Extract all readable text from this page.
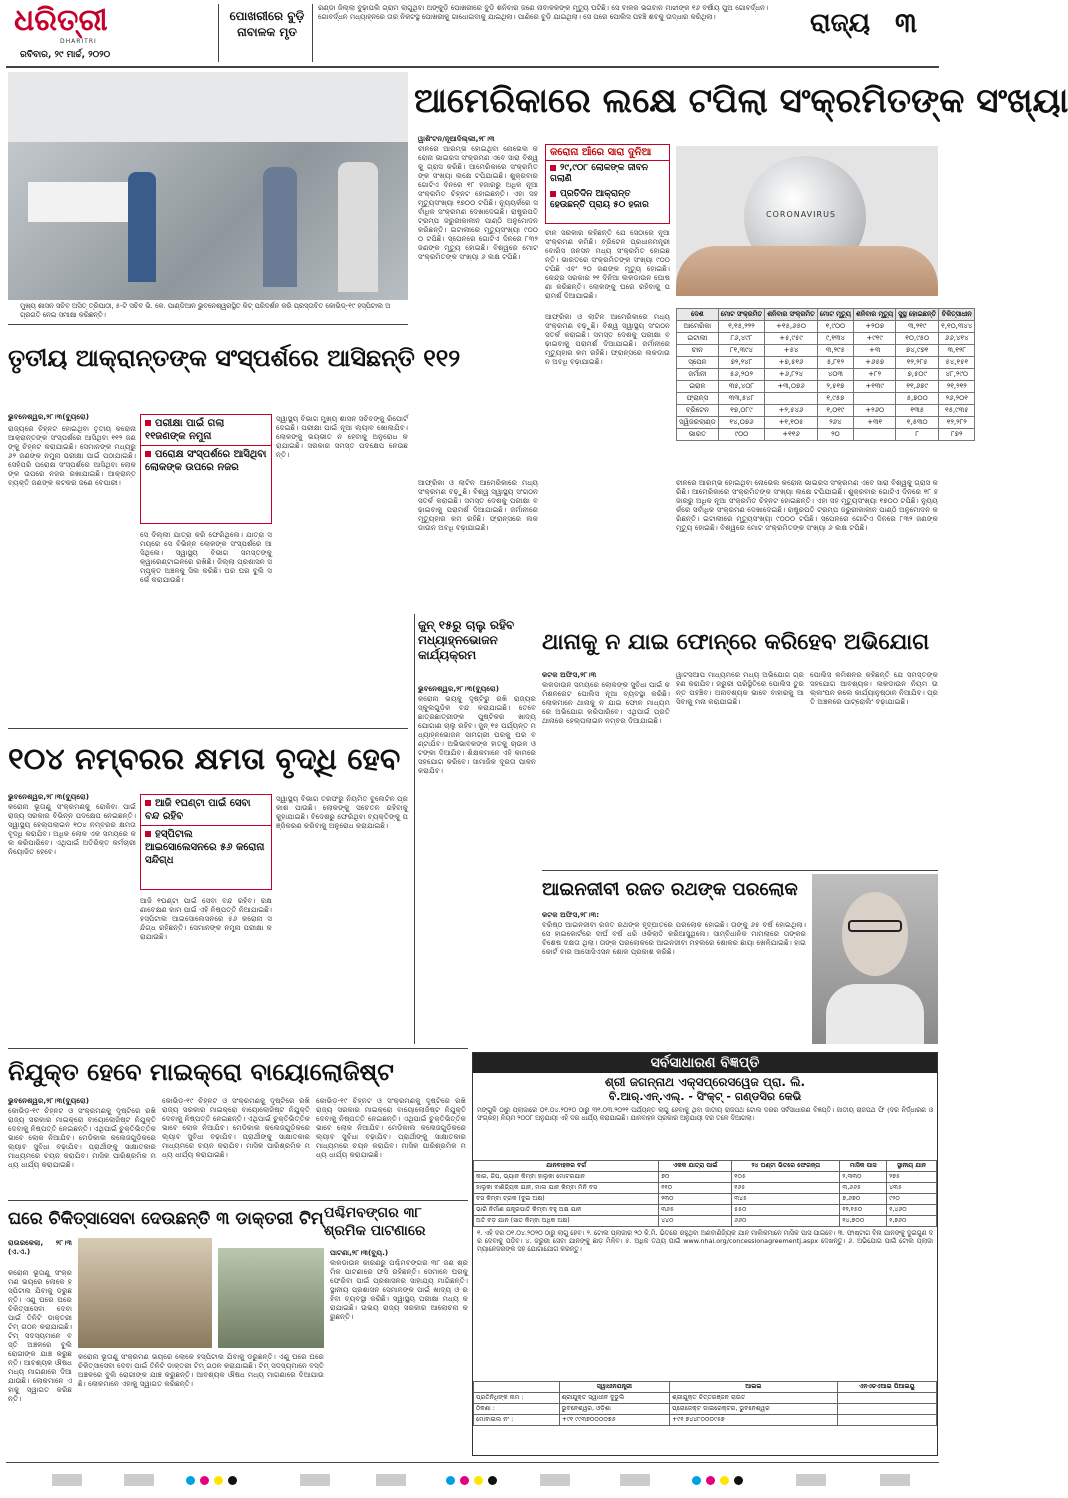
ଧରିତ୍ରୀ
DHARITRI
ରବିବାର, ୨୯ ମାର୍ଚ୍ଚ, ୨୦୨୦
ପୋଖରୀରେ ବୁଡ଼ି ନାବାଳକ ମୃତ
ରଣ୍ଡା ଜିଲ୍ଲା ବୁଢ଼ାପଲି ଗ୍ରାମ ଲାଗୁଥିବା ଅଙ୍କୁଡ଼ି ପୋଖରୀରେ ବୁଡ଼ି ଶନିବାର ଜଣେ ନାବାଳକଙ୍କ ମୃତ୍ୟୁ ଘଟିଛି। ସେ ବାଳକ ଭଗବାନ ମାଝୀଙ୍କ ୧୬ ବର୍ଷୀୟ ପୁଅ ଗୋବର୍ଦ୍ଧନ। ଗୋବର୍ଦ୍ଧନ ମଧ୍ୟାହ୍ନରେ ତାର ନିକଟସ୍ଥ ପୋଖରୀକୁ ଗାଧୋଇବାକୁ ଯାଇଥିଲା। ପାଣିରେ ବୁଡ଼ି ଯାଇଥିଲା। ସେ ପରେ ପୋଲିସ ପହଞ୍ଚି ଶବକୁ ଉଦ୍ଧାର କରିଥିଲା।	ରାଜ୍ୟ ୩
ମୁଖ୍ୟ ଶାସନ ସଚିବ ଅସିତ୍ ତ୍ରିପାଠୀ, ୫-ଟି ସଚିବ ଭି. କେ. ପାଣ୍ଡିଆନ ଭୁବନେଶ୍ୱରସ୍ଥିତ କିଟ୍ ପରିଦର୍ଶନ କରି ପ୍ରସ୍ତାବିତ କୋଭିଡ୍-୧୯ ହସ୍ପିଟାଲ ଅଗ୍ରଗତି ନେଇ ସମୀକ୍ଷା କରିଛନ୍ତି।
ଆମେରିକାରେ ଲକ୍ଷେ ଟପିଲା ସଂକ୍ରମିତଙ୍କ ସଂଖ୍ୟା
ୱାଶିଂଟନ/ନୂଆଦିଲ୍ଲୀ,୨୮।୩
ଚୀନରେ ଆରମ୍ଭ ହୋଇଥିବା ନୋଭେଲ କରୋନା ଭାଇରସ ସଂକ୍ରମଣ ଏବେ ସାରା ବିଶ୍ୱକୁ ଗ୍ରାସ କରିଛି। ଆମେରିକାରେ ସଂକ୍ରମିତଙ୍କ ସଂଖ୍ୟା ଲକ୍ଷେ ଟପିଯାଇଛି। ଶୁକ୍ରବାର ଗୋଟିଏ ଦିନରେ ୧୮ ହଜାରରୁ ଅଧିକ ନୂଆ ସଂକ୍ରମିତ ଚିହ୍ନଟ ହୋଇଛନ୍ତି। ଏହା ସହ ମୃତ୍ୟୁସଂଖ୍ୟା ୧୭୦୦ ଟପିଛି। ନ୍ୟୁୟର୍କରେ ସର୍ବାଧିକ ସଂକ୍ରମଣ ଦେଖାଦେଇଛି। ରାଷ୍ଟ୍ରପତି ଟ୍ରମ୍ପ ଜରୁରୀକାଳୀନ ପାଣ୍ଠି ଅନୁମୋଦନ କରିଛନ୍ତି। ଇଟାଲୀରେ ମୃତ୍ୟୁସଂଖ୍ୟା ୯୦୦୦ ଟପିଛି। ସ୍ପେନରେ ଗୋଟିଏ ଦିନରେ ୮୩୨ ଜଣଙ୍କ ମୃତ୍ୟୁ ହୋଇଛି। ବିଶ୍ୱରେ ମୋଟ ସଂକ୍ରମିତଙ୍କ ସଂଖ୍ୟା ୬ ଲକ୍ଷ ଟପିଛି।
କରୋନା ଆଁରେ ସାରା ଦୁନିଆ
୨୯,୯୦୮ ଲୋକଙ୍କ ଜୀବନ ଗଲାଣି
ପ୍ରତିଦିନ ଆକ୍ରାନ୍ତ ହେଉଛନ୍ତି ପ୍ରାୟ ୫୦ ହଜାର
ଚୀନ ସରକାର କହିଛନ୍ତି ଯେ ସେଠାରେ ନୂଆ ସଂକ୍ରମଣ କମିଛି। ବ୍ରିଟେନ ପ୍ରଧାନମନ୍ତ୍ରୀ ବୋରିସ ଜନସନ ମଧ୍ୟ ସଂକ୍ରମିତ ହୋଇଛନ୍ତି। ଭାରତରେ ସଂକ୍ରମିତଙ୍କ ସଂଖ୍ୟା ୯୦୦ ଟପିଛି ଏବଂ ୨୦ ଜଣଙ୍କ ମୃତ୍ୟୁ ହୋଇଛି। କେନ୍ଦ୍ର ସରକାର ୨୧ ଦିନିଆ ଲକଡାଉନ ଘୋଷଣା କରିଛନ୍ତି। ଲୋକଙ୍କୁ ଘରେ ରହିବାକୁ ପରାମର୍ଶ ଦିଆଯାଇଛି।
CORONAVIRUS
ଦେଶ	ମୋଟ ସଂକ୍ରମିତ	ଶନିବାର ସଂକ୍ରମିତ	ମୋଟ ମୃତ୍ୟୁ	ଶନିବାର ମୃତ୍ୟୁ	ସୁସ୍ଥ ହୋଇଛନ୍ତି	ଚିକିତ୍ସାଧୀନ
ଆମେରିକା	୧,୧୫,୨୨୨	+୧୫,୬୫୦	୧,୯୦୦	+୨୦୭	୩,୨୧୯	୧,୧୦,୩୪୪
ଇଟାଲୀ	୮୬,୪୯୮	+୫,୯୫୯	୯,୧୩୪	+୯୧୯	୧୦,୯୫୦	୬୬,୪୧୪
ଚୀନ	୮୧,୩୯୪	+୫୪	୩,୨୯୫	+୩	୭୪,୯୭୧	୩,୧୨୮
ସ୍ପେନ	୭୨,୨୪୮	+୭,୫୧୬	୫,୮୧୨	+୬୫୭	୧୨,୨୮୫	୫୪,୧୫୧
ଜର୍ମାନୀ	୫୬,୨୦୨	+୬,୮୨୪	୪୦୩	+୮୨	୭,୫୦୯	୪୮,୨୯୦
ଇରାନ	୩୫,୪୦୮	+୩,୦୭୬	୨,୫୧୭	+୧୩୯	୧୧,୬୭୯	୨୧,୨୧୨
ଫ୍ରାନ୍ସ	୩୩,୫୪୮		୧,୯୫୭		୫,୭୦୦	୨୬,୨୦୧
ବ୍ରିଟେନ	୧୭,୦୮୯	+୨,୫୪୬	୧,୦୧୯	+୨୬୦	୧୩୫	୧୫,୯୩୫
ସ୍ୱିଜରଲାଣ୍ଡ	୧୪,୦୭୬	+୧,୧୦୫	୨୬୪	+୩୧	୧,୫୩୦	୧୨,୨୮୨
ଭାରତ	୯୦୦	+୧୧୬	୨୦		୮	୮୭୨
ଆଫ୍ରିକା ଓ ଲାଟିନ ଆମେରିକାରେ ମଧ୍ୟ ସଂକ୍ରମଣ ବଢ଼ୁଛି। ବିଶ୍ୱ ସ୍ୱାସ୍ଥ୍ୟ ସଂଗଠନ ସତର୍କ କରାଇଛି। ସମସ୍ତ ଦେଶକୁ ପରୀକ୍ଷା ବଢ଼ାଇବାକୁ ପରାମର୍ଶ ଦିଆଯାଇଛି। ଜର୍ମାନୀରେ ମୃତ୍ୟୁହାର କମ ରହିଛି। ଫ୍ରାନ୍ସରେ ଲକଡାଉନ ଅବଧି ବଢ଼ାଯାଇଛି।
ଚୀନରେ ଆରମ୍ଭ ହୋଇଥିବା ନୋଭେଲ କରୋନା ଭାଇରସ ସଂକ୍ରମଣ ଏବେ ସାରା ବିଶ୍ୱକୁ ଗ୍ରାସ କରିଛି। ଆମେରିକାରେ ସଂକ୍ରମିତଙ୍କ ସଂଖ୍ୟା ଲକ୍ଷେ ଟପିଯାଇଛି। ଶୁକ୍ରବାର ଗୋଟିଏ ଦିନରେ ୧୮ ହଜାରରୁ ଅଧିକ ନୂଆ ସଂକ୍ରମିତ ଚିହ୍ନଟ ହୋଇଛନ୍ତି। ଏହା ସହ ମୃତ୍ୟୁସଂଖ୍ୟା ୧୭୦୦ ଟପିଛି। ନ୍ୟୁୟର୍କରେ ସର୍ବାଧିକ ସଂକ୍ରମଣ ଦେଖାଦେଇଛି। ରାଷ୍ଟ୍ରପତି ଟ୍ରମ୍ପ ଜରୁରୀକାଳୀନ ପାଣ୍ଠି ଅନୁମୋଦନ କରିଛନ୍ତି। ଇଟାଲୀରେ ମୃତ୍ୟୁସଂଖ୍ୟା ୯୦୦୦ ଟପିଛି। ସ୍ପେନରେ ଗୋଟିଏ ଦିନରେ ୮୩୨ ଜଣଙ୍କ ମୃତ୍ୟୁ ହୋଇଛି। ବିଶ୍ୱରେ ମୋଟ ସଂକ୍ରମିତଙ୍କ ସଂଖ୍ୟା ୬ ଲକ୍ଷ ଟପିଛି।
ଆଫ୍ରିକା ଓ ଲାଟିନ ଆମେରିକାରେ ମଧ୍ୟ ସଂକ୍ରମଣ ବଢ଼ୁଛି। ବିଶ୍ୱ ସ୍ୱାସ୍ଥ୍ୟ ସଂଗଠନ ସତର୍କ କରାଇଛି। ସମସ୍ତ ଦେଶକୁ ପରୀକ୍ଷା ବଢ଼ାଇବାକୁ ପରାମର୍ଶ ଦିଆଯାଇଛି। ଜର୍ମାନୀରେ ମୃତ୍ୟୁହାର କମ ରହିଛି। ଫ୍ରାନ୍ସରେ ଲକଡାଉନ ଅବଧି ବଢ଼ାଯାଇଛି।
ତୃତୀୟ ଆକ୍ରାନ୍ତଙ୍କ ସଂସ୍ପର୍ଶରେ ଆସିଛନ୍ତି ୧୧୨
ଭୁବନେଶ୍ୱର,୨୮।୩(ବ୍ୟୁରୋ)
ରାଜ୍ୟରେ ଚିହ୍ନଟ ହୋଇଥିବା ତୃତୀୟ କରୋନା ଆକ୍ରାନ୍ତଙ୍କ ସଂସ୍ପର୍ଶରେ ଆସିଥିବା ୧୧୨ ଜଣଙ୍କୁ ଚିହ୍ନଟ କରାଯାଇଛି। ସେମାନଙ୍କ ମଧ୍ୟରୁ ୬୨ ଜଣଙ୍କ ନମୁନା ପରୀକ୍ଷା ପାଇଁ ପଠାଯାଇଛି। ସେହିପରି ପରୋକ୍ଷ ସଂସ୍ପର୍ଶରେ ଆସିଥିବା ଲୋକଙ୍କ ଉପରେ ନଜର ରଖାଯାଇଛି। ଆକ୍ରାନ୍ତ ବ୍ୟକ୍ତି ଜଣଙ୍କ କଟକର ଜଣେ ବେପାରୀ।
ପରୀକ୍ଷା ପାଇଁ ଗଲା ୧୧ଜଣଙ୍କ ନମୁନା
ପରୋକ୍ଷ ସଂସ୍ପର୍ଶରେ ଆସିଥିବା ଲୋକଙ୍କ ଉପରେ ନଜର
ସେ ଦିଲ୍ଲୀ ଯାତ୍ରା କରି ଫେରିଥିଲେ। ଯାତ୍ରା ସମୟରେ ସେ ବିଭିନ୍ନ ଲୋକଙ୍କ ସଂସ୍ପର୍ଶରେ ଆସିଥିଲେ। ସ୍ୱାସ୍ଥ୍ୟ ବିଭାଗ ସମସ୍ତଙ୍କୁ କ୍ୱାରେଣ୍ଟାଇନରେ ରଖିଛି। ଜିଲ୍ଲା ପ୍ରଶାସନ ସମ୍ପୃକ୍ତ ଅଞ୍ଚଳକୁ ସିଲ କରିଛି। ଘର ଘର ବୁଲି ସର୍ଭେ କରାଯାଉଛି।
ସ୍ୱାସ୍ଥ୍ୟ ବିଭାଗ ମୁଖ୍ୟ ଶାସନ ସଚିବଙ୍କୁ ରିପୋର୍ଟ ଦେଇଛି। ପରୀକ୍ଷା ପାଇଁ ନୂଆ ଲ୍ୟାବ ଖୋଲାଯିବ। ଲୋକଙ୍କୁ ଭୟଭୀତ ନ ହେବାକୁ ଅନୁରୋଧ କରାଯାଇଛି। ସରକାର ସମସ୍ତ ପଦକ୍ଷେପ ନେଉଛନ୍ତି।
୧୦୪ ନମ୍ବରର କ୍ଷମତା ବୃଦ୍ଧି ହେବ
ଭୁବନେଶ୍ୱର,୨୮।୩(ବ୍ୟୁରୋ)
କରୋନା ଭୂତାଣୁ ସଂକ୍ରମଣକୁ ରୋକିବା ପାଇଁ ରାଜ୍ୟ ସରକାର ବିଭିନ୍ନ ପଦକ୍ଷେପ ନେଇଛନ୍ତି। ସ୍ୱାସ୍ଥ୍ୟ ହେଲ୍ପଲାଇନ ୧୦୪ ନମ୍ବରର କ୍ଷମତା ବୃଦ୍ଧି କରାଯିବ। ଅଧିକ ଲୋକ ଏକ ସମୟରେ କଲ କରିପାରିବେ। ଏଥିପାଇଁ ଅତିରିକ୍ତ କର୍ମଚାରୀ ନିୟୋଜିତ ହେବେ।
ଆଜି ୧ଘଣ୍ଟା ପାଇଁ ସେବା ବନ୍ଦ ରହିବ
ହସ୍ପିଟାଲ ଆଇସୋଲେସନରେ ୫୬ କରୋନା ସନ୍ଦିଗ୍ଧ
ଆଜି ୧ଘଣ୍ଟା ପାଇଁ ସେବା ବନ୍ଦ ରହିବ। ରକ୍ଷଣାବେକ୍ଷଣ କାମ ପାଇଁ ଏହି ନିଷ୍ପତ୍ତି ନିଆଯାଇଛି। ହସ୍ପିଟାଲ ଆଇସୋଲେସନରେ ୫୬ କରୋନା ସନ୍ଦିଗ୍ଧ ରହିଛନ୍ତି। ସେମାନଙ୍କ ନମୁନା ପରୀକ୍ଷା କରାଯାଉଛି।
ସ୍ୱାସ୍ଥ୍ୟ ବିଭାଗ ତରଫରୁ ନିୟମିତ ବୁଲେଟିନ ପ୍ରକାଶ ପାଉଛି। ଲୋକଙ୍କୁ ସଚେତନ ରହିବାକୁ କୁହାଯାଇଛି। ବିଦେଶରୁ ଫେରିଥିବା ବ୍ୟକ୍ତିଙ୍କୁ ପଞ୍ଜିକରଣ କରିବାକୁ ଅନୁରୋଧ କରାଯାଇଛି।
ଜୁନ୍ ୧୫ରୁ ଚାଲୁ ରହିବ ମଧ୍ୟାହ୍ନଭୋଜନ କାର୍ଯ୍ୟକ୍ରମ
ଭୁବନେଶ୍ୱର,୨୮।୩(ବ୍ୟୁରୋ)
କରୋନା ଭୟକୁ ଦୃଷ୍ଟିରୁ ରଖି ରାଜ୍ୟର ସ୍କୁଲଗୁଡ଼ିକ ବନ୍ଦ କରାଯାଇଛି। ତେବେ ଛାତ୍ରଛାତ୍ରୀଙ୍କ ପୁଷ୍ଟିକର ଖାଦ୍ୟ ଯୋଗାଣ ଚାଲୁ ରହିବ। ଜୁନ୍ ୧୫ ପର୍ଯ୍ୟନ୍ତ ମଧ୍ୟାହ୍ନଭୋଜନ ସାମଗ୍ରୀ ଘରକୁ ଘର ବଣ୍ଟାଯିବ। ଅଭିଭାବକଙ୍କ ହାତକୁ ଚାଉଳ ଓ ଟଙ୍କା ଦିଆଯିବ। ଶିକ୍ଷକମାନେ ଏହି କାମରେ ସହଯୋଗ କରିବେ। ସାମାଜିକ ଦୂରତା ପାଳନ କରାଯିବ।
ଥାନାକୁ ନ ଯାଇ ଫୋନ୍‌ରେ କରିହେବ ଅଭିଯୋଗ
କଟକ ଅଫିସ,୨୮।୩
ଲକଡାଉନ ସମୟରେ ଲୋକଙ୍କ ସୁବିଧା ପାଇଁ କମିଶନରେଟ ପୋଲିସ ନୂଆ ବ୍ୟବସ୍ଥା କରିଛି। ଲୋକମାନେ ଥାନାକୁ ନ ଯାଇ ଫୋନ ମାଧ୍ୟମରେ ଅଭିଯୋଗ କରିପାରିବେ। ଏଥିପାଇଁ ପ୍ରତି ଥାନାରେ ହେଲ୍ପଲାଇନ ନମ୍ବର ଦିଆଯାଇଛି।
ୱାଟସଆପ ମାଧ୍ୟମରେ ମଧ୍ୟ ଅଭିଯୋଗ ଗ୍ରହଣ କରାଯିବ। ଜରୁରୀ ପରିସ୍ଥିତିରେ ପୋଲିସ ତୁରନ୍ତ ପହଞ୍ଚିବ। ଅନାବଶ୍ୟକ ଭାବେ ବାହାରକୁ ଆସିବାକୁ ମନା କରାଯାଇଛି।
ପୋଲିସ କମିଶନର କହିଛନ୍ତି ଯେ ସମସ୍ତଙ୍କ ସହଯୋଗ ଆବଶ୍ୟକ। ଲକଡାଉନ ନିୟମ ଉଲ୍ଲଂଘନ କଲେ କାର୍ଯ୍ୟାନୁଷ୍ଠାନ ନିଆଯିବ। ପ୍ରତି ଅଞ୍ଚଳରେ ପାଟ୍ରୋଲିଂ ବଢ଼ାଯାଇଛି।
ଆଇନଜୀବୀ ରଜତ ରଥଙ୍କ ପରଲୋକ
କଟକ ଅଫିସ,୨୮।୩:
ବରିଷ୍ଠ ଆଇନଜୀବୀ ରଜତ ରଥଙ୍କ ହୃଦ୍‌ଘାତରେ ପରଲୋକ ହୋଇଛି। ତାଙ୍କୁ ୬୫ ବର୍ଷ ହୋଇଥିଲା। ସେ ହାଇକୋର୍ଟରେ ଦୀର୍ଘ ବର୍ଷ ଧରି ଓକିଲାତି କରିଆସୁଥିଲେ। ସାମ୍ବିଧାନିକ ମାମଲାରେ ତାଙ୍କର ବିଶେଷ ଦକ୍ଷତା ଥିଲା। ତାଙ୍କ ପରଲୋକରେ ଆଇନଜୀବୀ ମହଲରେ ଶୋକର ଛାୟା ଖେଳିଯାଇଛି। ହାଇକୋର୍ଟ ବାର ଆସୋସିଏସନ ଶୋକ ପ୍ରକାଶ କରିଛି।
ନିଯୁକ୍ତ ହେବେ ମାଇକ୍ରୋ ବାୟୋଲୋଜିଷ୍ଟ
ଭୁବନେଶ୍ୱର,୨୮।୩(ବ୍ୟୁରୋ)
କୋଭିଡ଼-୧୯ ଚିହ୍ନଟ ଓ ସଂକ୍ରମଣକୁ ଦୃଷ୍ଟିରେ ରଖି ରାଜ୍ୟ ସରକାର ମାଇକ୍ରୋ ବାୟୋଲୋଜିଷ୍ଟ ନିଯୁକ୍ତି ଦେବାକୁ ନିଷ୍ପତ୍ତି ନେଇଛନ୍ତି। ଏଥିପାଇଁ ଚୁକ୍ତିଭିତ୍ତିକ ଭାବେ ଲୋକ ନିଆଯିବ। ମେଡିକାଲ କଲେଜଗୁଡ଼ିକରେ ଲ୍ୟାବ ସୁବିଧା ବଢ଼ାଯିବ। ପ୍ରାର୍ଥୀଙ୍କୁ ସାକ୍ଷାତକାର ମାଧ୍ୟମରେ ଚୟନ କରାଯିବ। ମାସିକ ପାରିଶ୍ରମିକ ମଧ୍ୟ ଧାର୍ଯ୍ୟ କରାଯାଇଛି।
କୋଭିଡ଼-୧୯ ଚିହ୍ନଟ ଓ ସଂକ୍ରମଣକୁ ଦୃଷ୍ଟିରେ ରଖି ରାଜ୍ୟ ସରକାର ମାଇକ୍ରୋ ବାୟୋଲୋଜିଷ୍ଟ ନିଯୁକ୍ତି ଦେବାକୁ ନିଷ୍ପତ୍ତି ନେଇଛନ୍ତି। ଏଥିପାଇଁ ଚୁକ୍ତିଭିତ୍ତିକ ଭାବେ ଲୋକ ନିଆଯିବ। ମେଡିକାଲ କଲେଜଗୁଡ଼ିକରେ ଲ୍ୟାବ ସୁବିଧା ବଢ଼ାଯିବ। ପ୍ରାର୍ଥୀଙ୍କୁ ସାକ୍ଷାତକାର ମାଧ୍ୟମରେ ଚୟନ କରାଯିବ। ମାସିକ ପାରିଶ୍ରମିକ ମଧ୍ୟ ଧାର୍ଯ୍ୟ କରାଯାଇଛି।
କୋଭିଡ଼-୧୯ ଚିହ୍ନଟ ଓ ସଂକ୍ରମଣକୁ ଦୃଷ୍ଟିରେ ରଖି ରାଜ୍ୟ ସରକାର ମାଇକ୍ରୋ ବାୟୋଲୋଜିଷ୍ଟ ନିଯୁକ୍ତି ଦେବାକୁ ନିଷ୍ପତ୍ତି ନେଇଛନ୍ତି। ଏଥିପାଇଁ ଚୁକ୍ତିଭିତ୍ତିକ ଭାବେ ଲୋକ ନିଆଯିବ। ମେଡିକାଲ କଲେଜଗୁଡ଼ିକରେ ଲ୍ୟାବ ସୁବିଧା ବଢ଼ାଯିବ। ପ୍ରାର୍ଥୀଙ୍କୁ ସାକ୍ଷାତକାର ମାଧ୍ୟମରେ ଚୟନ କରାଯିବ। ମାସିକ ପାରିଶ୍ରମିକ ମଧ୍ୟ ଧାର୍ଯ୍ୟ କରାଯାଇଛି।
ଘରେ ଚିକିତ୍ସାସେବା ଦେଉଛନ୍ତି ୩ ଡାକ୍ତରୀ ଟିମ୍
ରାଉରକେଲା, ୨୮।୩(ଏ.ଏ.)
କରୋନା ଭୂତାଣୁ ସଂକ୍ରମଣ ଭୟରେ ଲୋକେ ହସ୍ପିଟାଲ ଯିବାକୁ ଡରୁଛନ୍ତି। ଏଣୁ ଘରେ ଘରେ ଚିକିତ୍ସାସେବା ଦେବା ପାଇଁ ତିନିଟି ଡାକ୍ତରୀ ଟିମ୍ ଗଠନ କରାଯାଇଛି। ଟିମ୍ ସଦସ୍ୟମାନେ ବସ୍ତି ଅଞ୍ଚଳରେ ବୁଲି ରୋଗୀଙ୍କ ଯାଞ୍ଚ କରୁଛନ୍ତି। ଆବଶ୍ୟକ ଔଷଧ ମଧ୍ୟ ମାଗଣାରେ ଦିଆଯାଉଛି। ଲୋକମାନେ ଏହାକୁ ସ୍ୱାଗତ କରିଛନ୍ତି।
କରୋନା ଭୂତାଣୁ ସଂକ୍ରମଣ ଭୟରେ ଲୋକେ ହସ୍ପିଟାଲ ଯିବାକୁ ଡରୁଛନ୍ତି। ଏଣୁ ଘରେ ଘରେ ଚିକିତ୍ସାସେବା ଦେବା ପାଇଁ ତିନିଟି ଡାକ୍ତରୀ ଟିମ୍ ଗଠନ କରାଯାଇଛି। ଟିମ୍ ସଦସ୍ୟମାନେ ବସ୍ତି ଅଞ୍ଚଳରେ ବୁଲି ରୋଗୀଙ୍କ ଯାଞ୍ଚ କରୁଛନ୍ତି। ଆବଶ୍ୟକ ଔଷଧ ମଧ୍ୟ ମାଗଣାରେ ଦିଆଯାଉଛି। ଲୋକମାନେ ଏହାକୁ ସ୍ୱାଗତ କରିଛନ୍ତି।
ପଶ୍ଚିମବଙ୍ଗର ୩୮ ଶ୍ରମିକ ପାଟଣାରେ
ପାଟଣା,୨୮।୩(ବ୍ୟୁ.)
ଲକଡାଉନ କାରଣରୁ ପଶ୍ଚିମବଙ୍ଗର ୩୮ ଜଣ ଶ୍ରମିକ ପାଟଣାରେ ଫସି ରହିଛନ୍ତି। ସେମାନେ ଘରକୁ ଫେରିବା ପାଇଁ ପ୍ରଶାସନର ସାହାଯ୍ୟ ମାଗିଛନ୍ତି। ସ୍ଥାନୀୟ ପ୍ରଶାସନ ସେମାନଙ୍କ ପାଇଁ ଖାଦ୍ୟ ଓ ରହିବା ବ୍ୟବସ୍ଥା କରିଛି। ସ୍ୱାସ୍ଥ୍ୟ ପରୀକ୍ଷା ମଧ୍ୟ କରାଯାଇଛି। ଉଭୟ ରାଜ୍ୟ ସରକାର ଆଲୋଚନା କରୁଛନ୍ତି।
ସର୍ବସାଧାରଣ ବିଜ୍ଞପ୍ତି
ଶ୍ରୀ ଜଗନ୍ନାଥ ଏକ୍ସପ୍ରେସୱେଜ ପ୍ରା. ଲି.
ବି.ଆର୍.ଏନ୍.ଏଲ୍. - ସିଂକ୍ଟ୍ - ଗଣ୍ଡସିର କେଭି
ମଙ୍ଗୁଳି ଠାରୁ ପ୍ଲାଜାରେ ୦୧.୦୪.୨୦୨୦ ଠାରୁ ୩୧.୦୩.୨୦୨୧ ପର୍ଯ୍ୟନ୍ତ ଲାଗୁ ହେବାକୁ ଥିବା ଜାତୀୟ ରାଜପଥ ଟୋଲ ଦରର ସର୍ବସାଧାରଣ ବିଜ୍ଞପ୍ତି। ଜାତୀୟ ରାଜପଥ ଫି (ଦର ନିର୍ଦ୍ଧାରଣ ଓ ସଂଗ୍ରହ) ନିୟମ ୨୦୦୮ ଅନୁଯାୟୀ ଏହି ଦର ଧାର୍ଯ୍ୟ କରାଯାଇଛି। ଯାନବାହନ ପ୍ରକାର ଅନୁଯାୟୀ ଦର ତଳେ ଦିଆଗଲା।
ଯାନବାହନର ବର୍ଗ	ଏକକ ଯାତ୍ରା ପାଇଁ	୨୪ ଘଣ୍ଟା ଭିତରେ ଫେରନ୍ତା	ମାସିକ ପାସ	ସ୍ଥାନୀୟ ଯାନ
କାର, ଜିପ, ଭ୍ୟାନ କିମ୍ବା ହାଲୁକା ମୋଟରଯାନ	୭୦	୧୦୫	୨,୩୩୦	୨୭୫
ହାଲୁକା ବାଣିଜ୍ୟିକ ଯାନ, ମାଲ ଯାନ କିମ୍ବା ମିନି ବସ	୧୧୦	୧୬୫	୩,୬୬୫	୪୩୫
ବସ କିମ୍ବା ଟ୍ରକ (ଦୁଇ ଅକ୍ଷ)	୨୩୦	୩୪୫	୭,୬୭୦	୯୨୦
ଭାରି ନିର୍ମାଣ ଯନ୍ତ୍ରପାତି କିମ୍ବା ବହୁ ଅକ୍ଷ ଯାନ	୩୬୫	୫୫୦	୧୨,୧୫୦	୧,୪୬୦
ଅତି ବଡ଼ ଯାନ (ସାତ କିମ୍ବା ଅଧିକ ଅକ୍ଷ)	୪୪୦	୬୬୦	୧୪,୭୦୦	୧,୭୬୦
୧. ଏହି ଦର ୦୧.୦୪.୨୦୨୦ ଠାରୁ ଲାଗୁ ହେବ। ୨. ଟୋଲ ପ୍ଲାଜାର ୨୦ କି.ମି. ଭିତରେ ରହୁଥିବା ଅଣବାଣିଜ୍ୟିକ ଯାନ ମାଲିକମାନେ ମାସିକ ପାସ ପାଇବେ। ୩. ଫାଷ୍ଟାଗ ବିନା ଯାନଙ୍କୁ ଦୁଇଗୁଣ ଦର ଦେବାକୁ ପଡ଼ିବ। ୪. ଜରୁରୀ ସେବା ଯାନଙ୍କୁ ଛାଡ଼ ମିଳିବ। ୫. ଅଧିକ ତଥ୍ୟ ପାଇଁ www.nhai.org/concessionagreementj.aspx ଦେଖନ୍ତୁ। ୬. ଅଭିଯୋଗ ପାଇଁ ଟୋଲ ପ୍ଲାଜା ମ୍ୟାନେଜରଙ୍କ ସହ ଯୋଗାଯୋଗ କରନ୍ତୁ।
	ସ୍ୱାଧୀନଯନ୍ତ୍ରୀ	ଆଇଇ	ଏନଏଚଏଆଇ ପିଆଇୟୁ
ପ୍ରତିନିଧିଙ୍କ ନାମ :	ଶ୍ରୀଯୁକ୍ତ ସ୍ୱାଧୀନ ଦୁଡୁଲି	ଶ୍ରୀଯୁକ୍ତ ଚିତ୍ତରଞ୍ଜନ ରାଉତ	
ଠିକଣା :	ଭୁବନେଶ୍ୱର, ଓଡ଼ିଶା	ପ୍ରୋଜେକ୍ଟ ଡାଇରେକ୍ଟର, ଭୁବନେଶ୍ୱର	
ମୋବାଇଲ ନଂ :	+୯୧ ୯୯୩୭୦୦୦୦୭୬	+୯୧ ୭୪୪୮୦୦୦୯୫୭	
